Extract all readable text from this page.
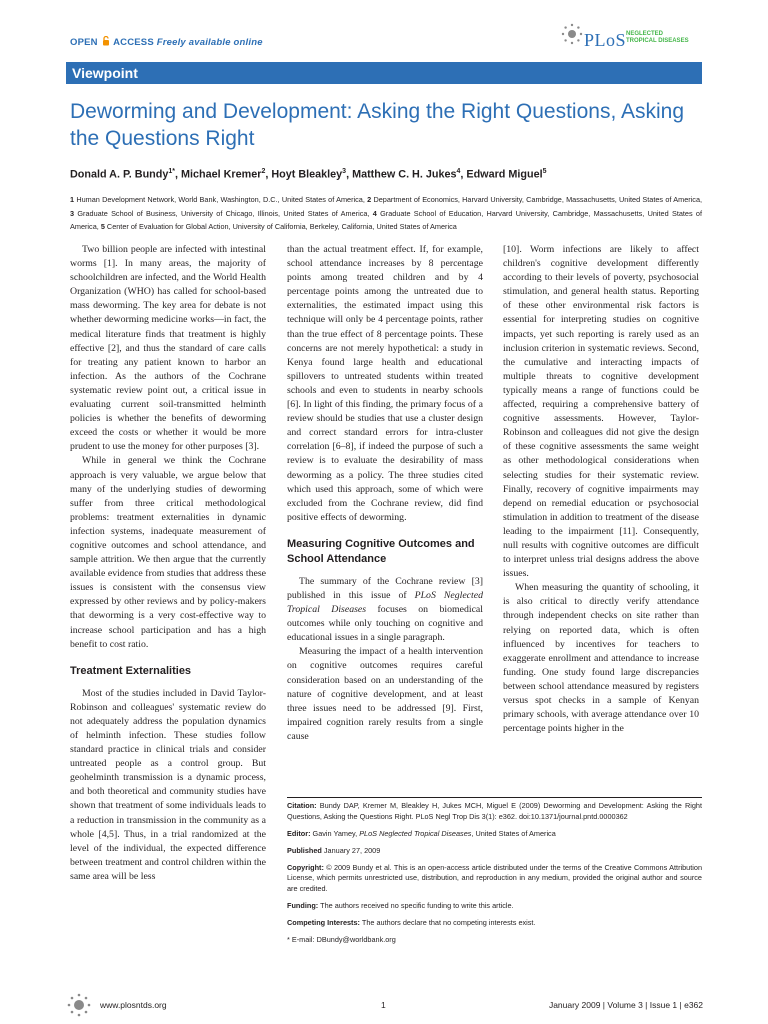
OPEN ACCESS Freely available online	PLoS NEGLECTED
TROPICAL DISEASES
Viewpoint
Deworming and Development: Asking the Right Questions, Asking the Questions Right
Donald A. P. Bundy$^{1*}$, Michael Kremer$^2$, Hoyt Bleakley$^3$, Matthew C. H. Jukes$^4$, Edward Miguel$^5$
1 Human Development Network, World Bank, Washington, D.C., United States of America, 2 Department of Economics, Harvard University, Cambridge, Massachusetts, United States of America, 3 Graduate School of Business, University of Chicago, Illinois, United States of America, 4 Graduate School of Education, Harvard University, Cambridge, Massachusetts, United States of America, 5 Center of Evaluation for Global Action, University of California, Berkeley, California, United States of America

Two billion people are infected with intestinal worms [1]. In many areas, the majority of schoolchildren are infected, and the World Health Organization (WHO) has called for school-based mass deworming. The key area for debate is not whether deworming medicine works—in fact, the medical literature finds that treatment is highly effective [2], and thus the standard of care calls for treating any patient known to harbor an infection. As the authors of the Cochrane systematic review point out, a critical issue in evaluating current soil-transmitted helminth policies is whether the benefits of deworming exceed the costs or whether it would be more prudent to use the money for other purposes [3].

While in general we think the Cochrane approach is very valuable, we argue below that many of the underlying studies of deworming suffer from three critical methodological problems: treatment externalities in dynamic infection systems, inadequate measurement of cognitive outcomes and school attendance, and sample attrition. We then argue that the currently available evidence from studies that address these issues is consistent with the consensus view expressed by other reviews and by policy-makers that deworming is a very cost-effective way to increase school participation and has a high benefit to cost ratio.

Treatment Externalities

Most of the studies included in David Taylor-Robinson and colleagues' systematic review do not adequately address the population dynamics of helminth infection. These studies follow standard practice in clinical trials and consider untreated people as a control group. But geohelminth transmission is a dynamic process, and both theoretical and community studies have shown that treatment of some individuals leads to a reduction in transmission in the community as a whole [4,5]. Thus, in a trial randomized at the level of the individual, the expected difference between treatment and control children within the same area will be less

than the actual treatment effect. If, for example, school attendance increases by 8 percentage points among treated children and by 4 percentage points among the untreated due to externalities, the estimated impact using this technique will only be 4 percentage points, rather than the true effect of 8 percentage points. These concerns are not merely hypothetical: a study in Kenya found large health and educational spillovers to untreated students within treated schools and even to students in nearby schools [6]. In light of this finding, the primary focus of a review should be studies that use a cluster design and correct standard errors for intra-cluster correlation [6–8], if indeed the purpose of such a review is to evaluate the desirability of mass deworming as a policy. The three studies cited which used this approach, some of which were excluded from the Cochrane review, did find positive effects of deworming.

Measuring Cognitive Outcomes and School Attendance

The summary of the Cochrane review [3] published in this issue of PLoS Neglected Tropical Diseases focuses on biomedical outcomes while only touching on cognitive and educational issues in a single paragraph.

Measuring the impact of a health intervention on cognitive outcomes requires careful consideration based on an understanding of the nature of cognitive development, and at least three issues need to be addressed [9]. First, impaired cognition rarely results from a single cause

[10]. Worm infections are likely to affect children's cognitive development differently according to their levels of poverty, psychosocial stimulation, and general health status. Reporting of these other environmental risk factors is essential for interpreting studies on cognitive impacts, yet such reporting is rarely used as an inclusion criterion in systematic reviews. Second, the cumulative and interacting impacts of multiple threats to cognitive development typically means a range of functions could be affected, requiring a comprehensive battery of cognitive assessments. However, Taylor-Robinson and colleagues did not give the design of these cognitive assessments the same weight as other methodological considerations when selecting studies for their systematic review. Finally, recovery of cognitive impairments may depend on remedial education or psychosocial stimulation in addition to treatment of the disease leading to the impairment [11]. Consequently, null results with cognitive outcomes are difficult to interpret unless trial designs address the above issues.

When measuring the quantity of schooling, it is also critical to directly verify attendance through independent checks on site rather than relying on reported data, which is often influenced by incentives for teachers to exaggerate enrollment and attendance to increase funding. One study found large discrepancies between school attendance measured by registers versus spot checks in a sample of Kenyan primary schools, with average attendance over 10 percentage points higher in the

Citation: Bundy DAP, Kremer M, Bleakley H, Jukes MCH, Miguel E (2009) Deworming and Development: Asking the Right Questions, Asking the Questions Right. PLoS Negl Trop Dis 3(1): e362. doi:10.1371/journal.pntd.0000362
Editor: Gavin Yamey, PLoS Neglected Tropical Diseases, United States of America
Published January 27, 2009
Copyright: © 2009 Bundy et al. This is an open-access article distributed under the terms of the Creative Commons Attribution License, which permits unrestricted use, distribution, and reproduction in any medium, provided the original author and source are credited.
Funding: The authors received no specific funding to write this article.
Competing Interests: The authors declare that no competing interests exist.
* E-mail: DBundy@worldbank.org
www.plosntds.org	1	January 2009 | Volume 3 | Issue 1 | e362
